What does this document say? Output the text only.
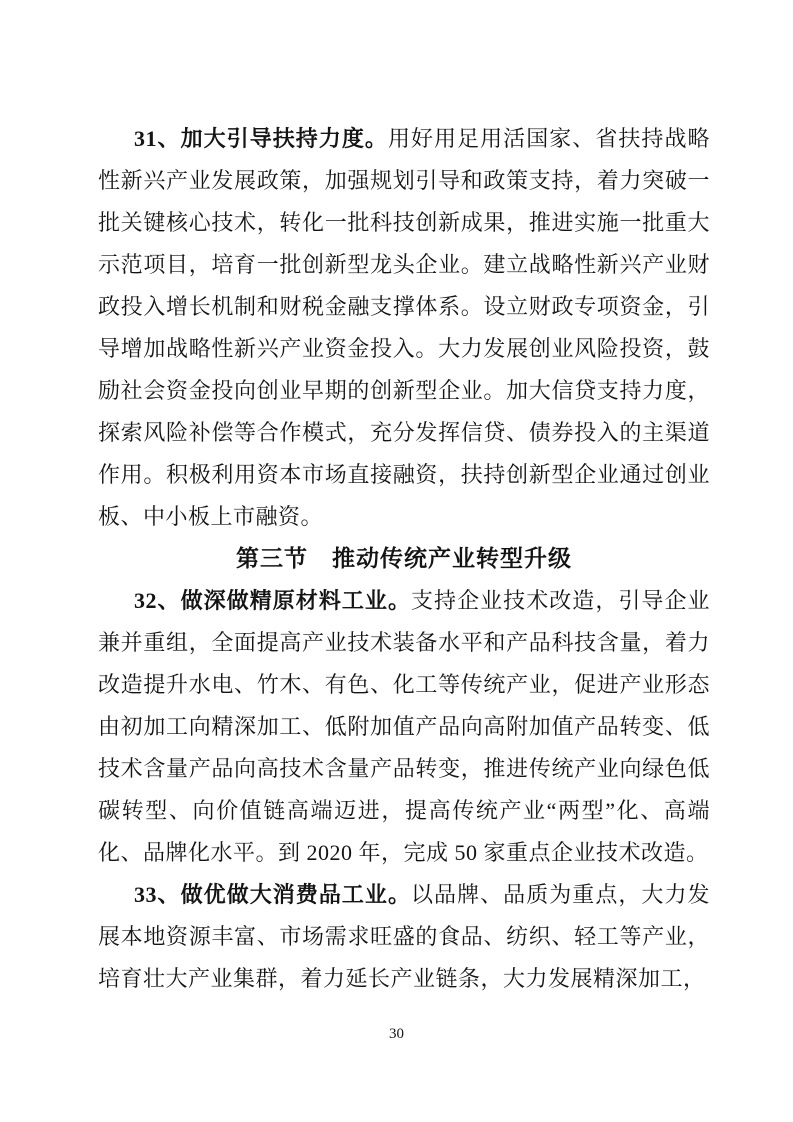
31、加大引导扶持力度。用好用足用活国家、省扶持战略性新兴产业发展政策，加强规划引导和政策支持，着力突破一批关键核心技术，转化一批科技创新成果，推进实施一批重大示范项目，培育一批创新型龙头企业。建立战略性新兴产业财政投入增长机制和财税金融支撑体系。设立财政专项资金，引导增加战略性新兴产业资金投入。大力发展创业风险投资，鼓励社会资金投向创业早期的创新型企业。加大信贷支持力度，探索风险补偿等合作模式，充分发挥信贷、债券投入的主渠道作用。积极利用资本市场直接融资，扶持创新型企业通过创业板、中小板上市融资。

第三节　推动传统产业转型升级

32、做深做精原材料工业。支持企业技术改造，引导企业兼并重组，全面提高产业技术装备水平和产品科技含量，着力改造提升水电、竹木、有色、化工等传统产业，促进产业形态由初加工向精深加工、低附加值产品向高附加值产品转变、低技术含量产品向高技术含量产品转变，推进传统产业向绿色低碳转型、向价值链高端迈进，提高传统产业“两型”化、高端化、品牌化水平。到 2020 年，完成 50 家重点企业技术改造。

33、做优做大消费品工业。以品牌、品质为重点，大力发展本地资源丰富、市场需求旺盛的食品、纺织、轻工等产业，培育壮大产业集群，着力延长产业链条，大力发展精深加工，

30
